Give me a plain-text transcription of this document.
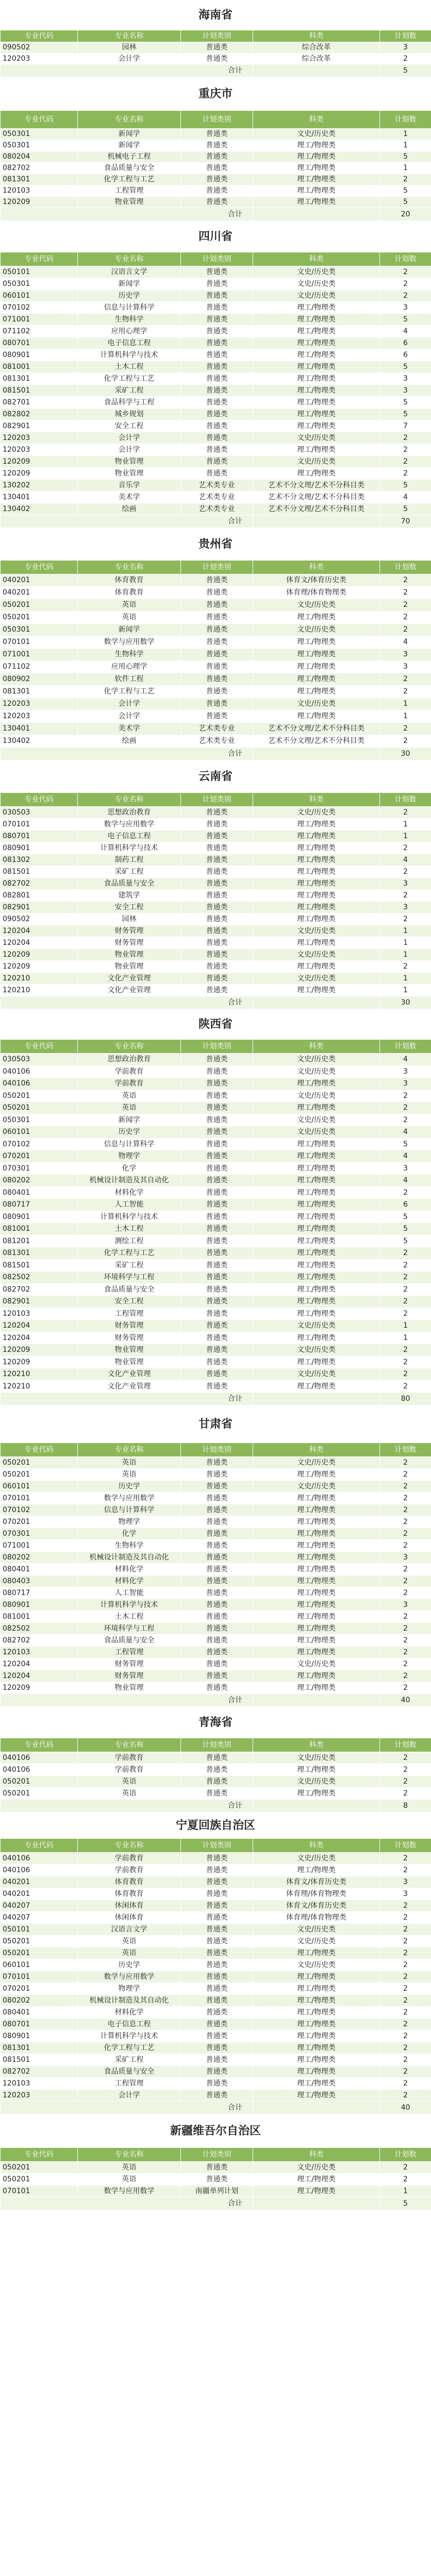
海南省
专业代码	专业名称	计划类别	科类	计划数
090502	园林	普通类	综合改革	3
120203	会计学	普通类	综合改革	2
合计				5
重庆市
专业代码	专业名称	计划类别	科类	计划数
050301	新闻学	普通类	文史/历史类	1
050301	新闻学	普通类	理工/物理类	1
080204	机械电子工程	普通类	理工/物理类	5
082702	食品质量与安全	普通类	理工/物理类	1
081301	化学工程与工艺	普通类	理工/物理类	2
120103	工程管理	普通类	理工/物理类	5
120209	物业管理	普通类	理工/物理类	5
合计				20
四川省
专业代码	专业名称	计划类别	科类	计划数
050101	汉语言文学	普通类	文史/历史类	2
050301	新闻学	普通类	文史/历史类	2
060101	历史学	普通类	文史/历史类	2
070102	信息与计算科学	普通类	理工/物理类	3
071001	生物科学	普通类	理工/物理类	5
071102	应用心理学	普通类	理工/物理类	4
080701	电子信息工程	普通类	理工/物理类	6
080901	计算机科学与技术	普通类	理工/物理类	6
081001	土木工程	普通类	理工/物理类	5
081301	化学工程与工艺	普通类	理工/物理类	3
081501	采矿工程	普通类	理工/物理类	3
082701	食品科学与工程	普通类	理工/物理类	5
082802	城乡规划	普通类	理工/物理类	5
082901	安全工程	普通类	理工/物理类	7
120203	会计学	普通类	文史/历史类	2
120203	会计学	普通类	理工/物理类	2
120209	物业管理	普通类	文史/历史类	2
120209	物业管理	普通类	理工/物理类	2
130202	音乐学	艺术类专业	艺术不分文理/艺术不分科目类	5
130401	美术学	艺术类专业	艺术不分文理/艺术不分科目类	4
130402	绘画	艺术类专业	艺术不分文理/艺术不分科目类	5
合计				70
贵州省
专业代码	专业名称	计划类别	科类	计划数
040201	体育教育	普通类	体育文/体育历史类	2
040201	体育教育	普通类	体育理/体育物理类	2
050201	英语	普通类	文史/历史类	2
050201	英语	普通类	理工/物理类	2
050301	新闻学	普通类	文史/历史类	2
070101	数学与应用数学	普通类	理工/物理类	4
071001	生物科学	普通类	理工/物理类	3
071102	应用心理学	普通类	理工/物理类	3
080902	软件工程	普通类	理工/物理类	2
081301	化学工程与工艺	普通类	理工/物理类	2
120203	会计学	普通类	文史/历史类	1
120203	会计学	普通类	理工/物理类	1
130401	美术学	艺术类专业	艺术不分文理/艺术不分科目类	2
130402	绘画	艺术类专业	艺术不分文理/艺术不分科目类	2
合计				30
云南省
专业代码	专业名称	计划类别	科类	计划数
030503	思想政治教育	普通类	文史/历史类	2
070101	数学与应用数学	普通类	理工/物理类	1
080701	电子信息工程	普通类	理工/物理类	1
080901	计算机科学与技术	普通类	理工/物理类	2
081302	制药工程	普通类	理工/物理类	4
081501	采矿工程	普通类	理工/物理类	2
082702	食品质量与安全	普通类	理工/物理类	3
082801	建筑学	普通类	理工/物理类	2
082901	安全工程	普通类	理工/物理类	3
090502	园林	普通类	理工/物理类	2
120204	财务管理	普通类	文史/历史类	1
120204	财务管理	普通类	理工/物理类	1
120209	物业管理	普通类	文史/历史类	1
120209	物业管理	普通类	理工/物理类	2
120210	文化产业管理	普通类	文史/历史类	1
120210	文化产业管理	普通类	理工/物理类	1
合计				30
陕西省
专业代码	专业名称	计划类别	科类	计划数
030503	思想政治教育	普通类	文史/历史类	4
040106	学前教育	普通类	文史/历史类	3
040106	学前教育	普通类	理工/物理类	3
050201	英语	普通类	文史/历史类	2
050201	英语	普通类	理工/物理类	2
050301	新闻学	普通类	文史/历史类	2
060101	历史学	普通类	文史/历史类	4
070102	信息与计算科学	普通类	理工/物理类	5
070201	物理学	普通类	理工/物理类	4
070301	化学	普通类	理工/物理类	3
080202	机械设计制造及其自动化	普通类	理工/物理类	4
080401	材料化学	普通类	理工/物理类	2
080717	人工智能	普通类	理工/物理类	6
080901	计算机科学与技术	普通类	理工/物理类	5
081001	土木工程	普通类	理工/物理类	5
081201	测绘工程	普通类	理工/物理类	5
081301	化学工程与工艺	普通类	理工/物理类	2
081501	采矿工程	普通类	理工/物理类	2
082502	环境科学与工程	普通类	理工/物理类	2
082702	食品质量与安全	普通类	理工/物理类	2
082901	安全工程	普通类	理工/物理类	2
120103	工程管理	普通类	理工/物理类	2
120204	财务管理	普通类	文史/历史类	1
120204	财务管理	普通类	理工/物理类	1
120209	物业管理	普通类	文史/历史类	2
120209	物业管理	普通类	理工/物理类	2
120210	文化产业管理	普通类	文史/历史类	2
120210	文化产业管理	普通类	理工/物理类	2
合计				80
甘肃省
专业代码	专业名称	计划类别	科类	计划数
050201	英语	普通类	文史/历史类	2
050201	英语	普通类	理工/物理类	2
060101	历史学	普通类	文史/历史类	2
070101	数学与应用数学	普通类	理工/物理类	2
070102	信息与计算科学	普通类	理工/物理类	2
070201	物理学	普通类	理工/物理类	2
070301	化学	普通类	理工/物理类	2
071001	生物科学	普通类	理工/物理类	2
080202	机械设计制造及其自动化	普通类	理工/物理类	3
080401	材料化学	普通类	理工/物理类	2
080403	材料化学	普通类	理工/物理类	2
080717	人工智能	普通类	理工/物理类	2
080901	计算机科学与技术	普通类	理工/物理类	3
081001	土木工程	普通类	理工/物理类	2
082502	环境科学与工程	普通类	理工/物理类	2
082702	食品质量与安全	普通类	理工/物理类	2
120103	工程管理	普通类	理工/物理类	2
120204	财务管理	普通类	文史/历史类	2
120204	财务管理	普通类	理工/物理类	2
120209	物业管理	普通类	理工/物理类	2
合计				40
青海省
专业代码	专业名称	计划类别	科类	计划数
040106	学前教育	普通类	文史/历史类	2
040106	学前教育	普通类	理工/物理类	2
050201	英语	普通类	文史/历史类	2
050201	英语	普通类	理工/物理类	2
合计				8
宁夏回族自治区
专业代码	专业名称	计划类别	科类	计划数
040106	学前教育	普通类	文史/历史类	2
040106	学前教育	普通类	理工/物理类	2
040201	体育教育	普通类	体育文/体育历史类	3
040201	体育教育	普通类	体育理/体育物理类	3
040207	休闲体育	普通类	体育文/体育历史类	2
040207	休闲体育	普通类	体育理/体育物理类	2
050101	汉语言文学	普通类	文史/历史类	2
050201	英语	普通类	文史/历史类	2
050201	英语	普通类	理工/物理类	2
060101	历史学	普通类	文史/历史类	2
070101	数学与应用数学	普通类	理工/物理类	2
070201	物理学	普通类	理工/物理类	2
080202	机械设计制造及其自动化	普通类	理工/物理类	2
080401	材料化学	普通类	理工/物理类	2
080701	电子信息工程	普通类	理工/物理类	2
080901	计算机科学与技术	普通类	理工/物理类	2
081301	化学工程与工艺	普通类	理工/物理类	2
081501	采矿工程	普通类	理工/物理类	2
082702	食品质量与安全	普通类	理工/物理类	2
120103	工程管理	普通类	理工/物理类	2
120203	会计学	普通类	理工/物理类	2
合计				40
新疆维吾尔自治区
专业代码	专业名称	计划类别	科类	计划数
050201	英语	普通类	文史/历史类	2
050201	英语	普通类	理工/物理类	2
070101	数学与应用数学	南疆单列计划	理工/物理类	1
合计				5
